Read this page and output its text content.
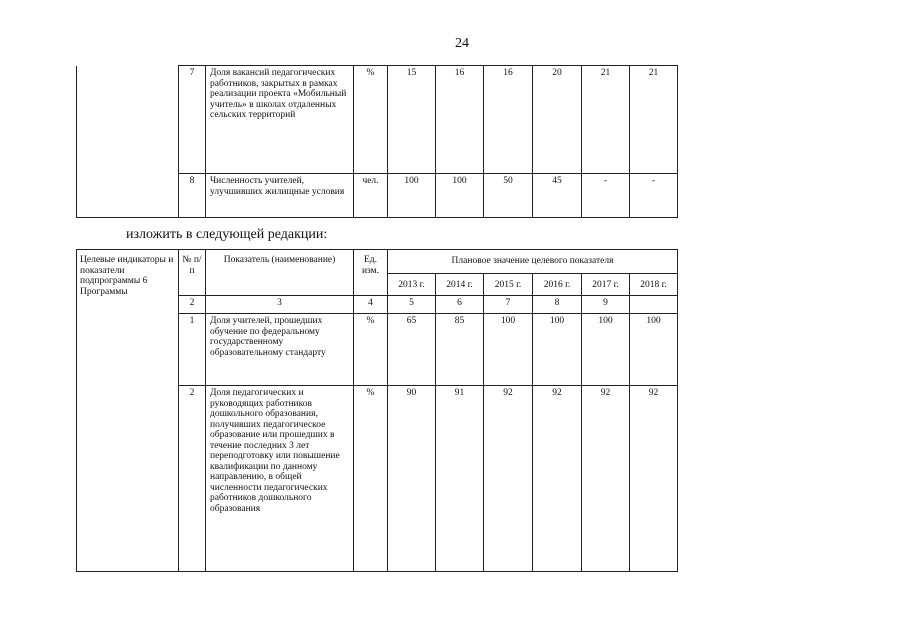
24
	7	Доля вакансий педагогических работников, закрытых в рамках реализации проекта «Мобильный учитель» в школах отдаленных сельских территорий	%	15	16	16	20	21	21
	8	Численность учителей, улучшивших жилищные условия	чел.	100	100	50	45	-	-
изложить в следующей редакции:
Целевые индикаторы и показатели подпрограммы 6 Программы	№ п/п	Показатель (наименование)	Ед. изм.	Плановое значение целевого показателя					
				2013 г.	2014 г.	2015 г.	2016 г.	2017 г.	2018 г.
	2	3	4	5	6	7	8	9	
	1	Доля учителей, прошедших обучение по федеральному государственному образовательному стандарту	%	65	85	100	100	100	100
	2	Доля педагогических и руководящих работников дошкольного образования, получивших педагогическое образование или прошедших в течение последних 3 лет переподготовку или повышение квалификации по данному направлению, в общей численности педагогических работников дошкольного образования	%	90	91	92	92	92	92
